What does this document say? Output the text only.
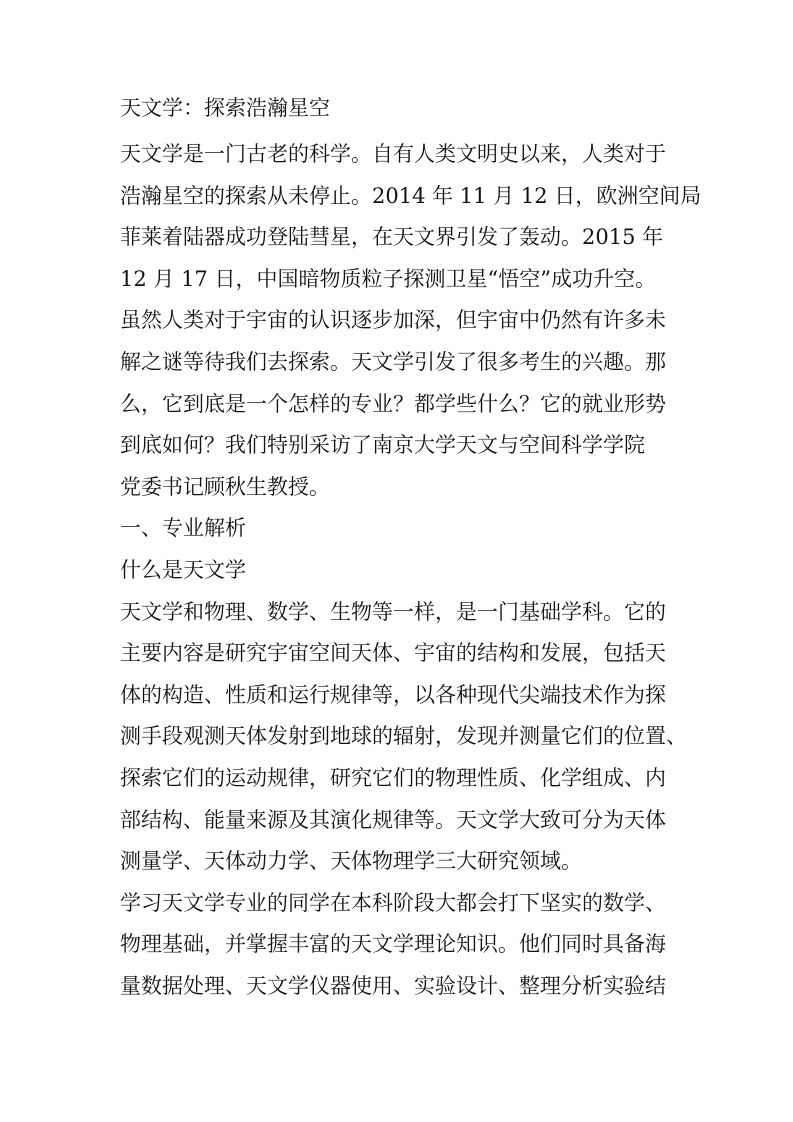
天文学：探索浩瀚星空
天文学是一门古老的科学。自有人类文明史以来，人类对于
浩瀚星空的探索从未停止。2014 年 11 月 12 日，欧洲空间局
菲莱着陆器成功登陆彗星，在天文界引发了轰动。2015 年
12 月 17 日，中国暗物质粒子探测卫星“悟空”成功升空。
虽然人类对于宇宙的认识逐步加深，但宇宙中仍然有许多未
解之谜等待我们去探索。天文学引发了很多考生的兴趣。那
么，它到底是一个怎样的专业？都学些什么？它的就业形势
到底如何？我们特别采访了南京大学天文与空间科学学院
党委书记顾秋生教授。
一、专业解析
什么是天文学
天文学和物理、数学、生物等一样，是一门基础学科。它的
主要内容是研究宇宙空间天体、宇宙的结构和发展，包括天
体的构造、性质和运行规律等，以各种现代尖端技术作为探
测手段观测天体发射到地球的辐射，发现并测量它们的位置、
探索它们的运动规律，研究它们的物理性质、化学组成、内
部结构、能量来源及其演化规律等。天文学大致可分为天体
测量学、天体动力学、天体物理学三大研究领域。
学习天文学专业的同学在本科阶段大都会打下坚实的数学、
物理基础，并掌握丰富的天文学理论知识。他们同时具备海
量数据处理、天文学仪器使用、实验设计、整理分析实验结
